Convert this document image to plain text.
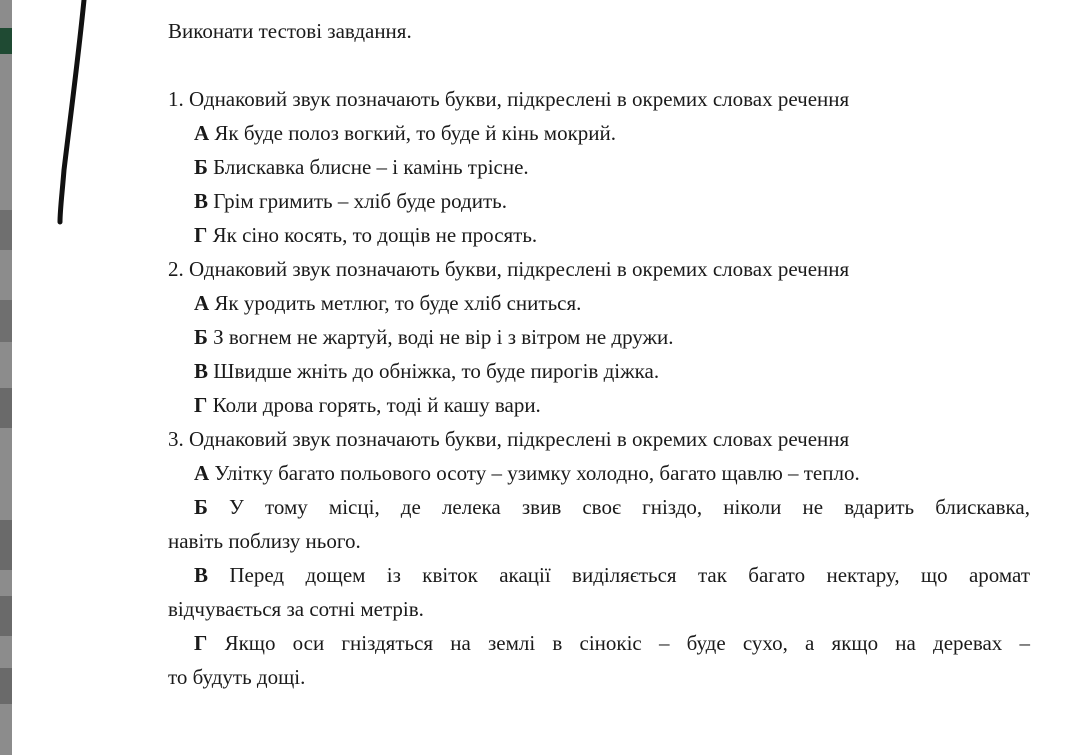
Виконати тестові завдання.
1. Однаковий звук позначають букви, підкреслені в окремих словах речення
А Як буде полоз вогкий, то буде й кінь мокрий.
Б Блискавка блисне – і камінь тріснe.
В Грім гримить – хліб буде родить.
Г Як сіно косять, то дощів не просять.
2. Однаковий звук позначають букви, підкреслені в окремих словах речення
А Як уродить метлюг, то буде хліб сниться.
Б З вогнем не жартуй, воді не вір і з вітром не дружи.
В Швидше жніть до обніжка, то буде пирогів діжка.
Г Коли дрова горять, тоді й кашу вари.
3. Однаковий звук позначають букви, підкреслені в окремих словах речення
А Улітку багато польового осоту – узимку холодно, багато щавлю – тепло.
Б У тому місці, де лелека звив своє гніздо, ніколи не вдарить блискавка,
навіть поблизу нього.
В Перед дощем із квіток акації виділяється так багато нектару, що аромат
відчувається за сотні метрів.
Г Якщо оси гніздяться на землі в сінокіс – буде сухо, а якщо на деревах –
то будуть дощі.
